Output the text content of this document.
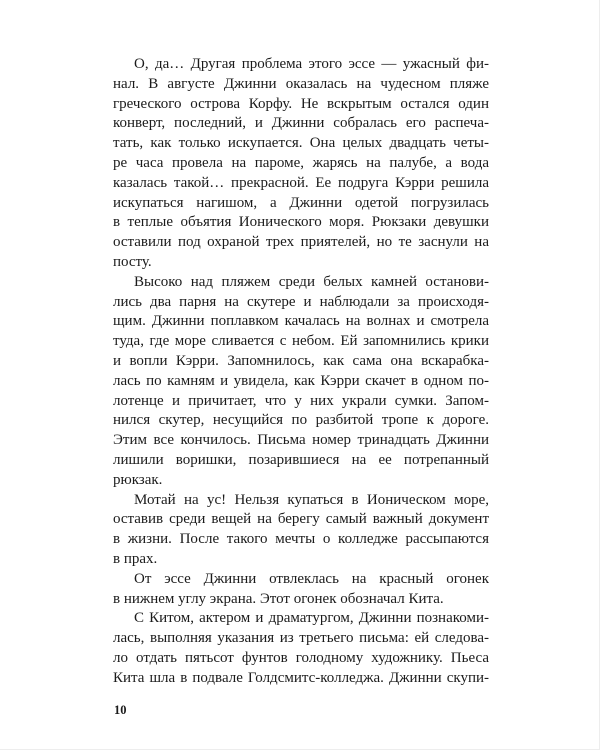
О, да… Другая проблема этого эссе — ужасный фи-
нал. В августе Джинни оказалась на чудесном пляже
греческого острова Корфу. Не вскрытым остался один
конверт, последний, и Джинни собралась его распеча-
тать, как только искупается. Она целых двадцать четы-
ре часа провела на пароме, жарясь на палубе, а вода
казалась такой… прекрасной. Ее подруга Кэрри решила
искупаться нагишом, а Джинни одетой погрузилась
в теплые объятия Ионического моря. Рюкзаки девушки
оставили под охраной трех приятелей, но те заснули на
посту.
Высоко над пляжем среди белых камней останови-
лись два парня на скутере и наблюдали за происходя-
щим. Джинни поплавком качалась на волнах и смотрела
туда, где море сливается с небом. Ей запомнились крики
и вопли Кэрри. Запомнилось, как сама она вскарабка-
лась по камням и увидела, как Кэрри скачет в одном по-
лотенце и причитает, что у них украли сумки. Запом-
нился скутер, несущийся по разбитой тропе к дороге.
Этим все кончилось. Письма номер тринадцать Джинни
лишили воришки, позарившиеся на ее потрепанный
рюкзак.
Мотай на ус! Нельзя купаться в Ионическом море,
оставив среди вещей на берегу самый важный документ
в жизни. После такого мечты о колледже рассыпаются
в прах.
От эссе Джинни отвлеклась на красный огонек
в нижнем углу экрана. Этот огонек обозначал Кита.
С Китом, актером и драматургом, Джинни познакоми-
лась, выполняя указания из третьего письма: ей следова-
ло отдать пятьсот фунтов голодному художнику. Пьеса
Кита шла в подвале Голдсмитс-колледжа. Джинни скупи-
10
